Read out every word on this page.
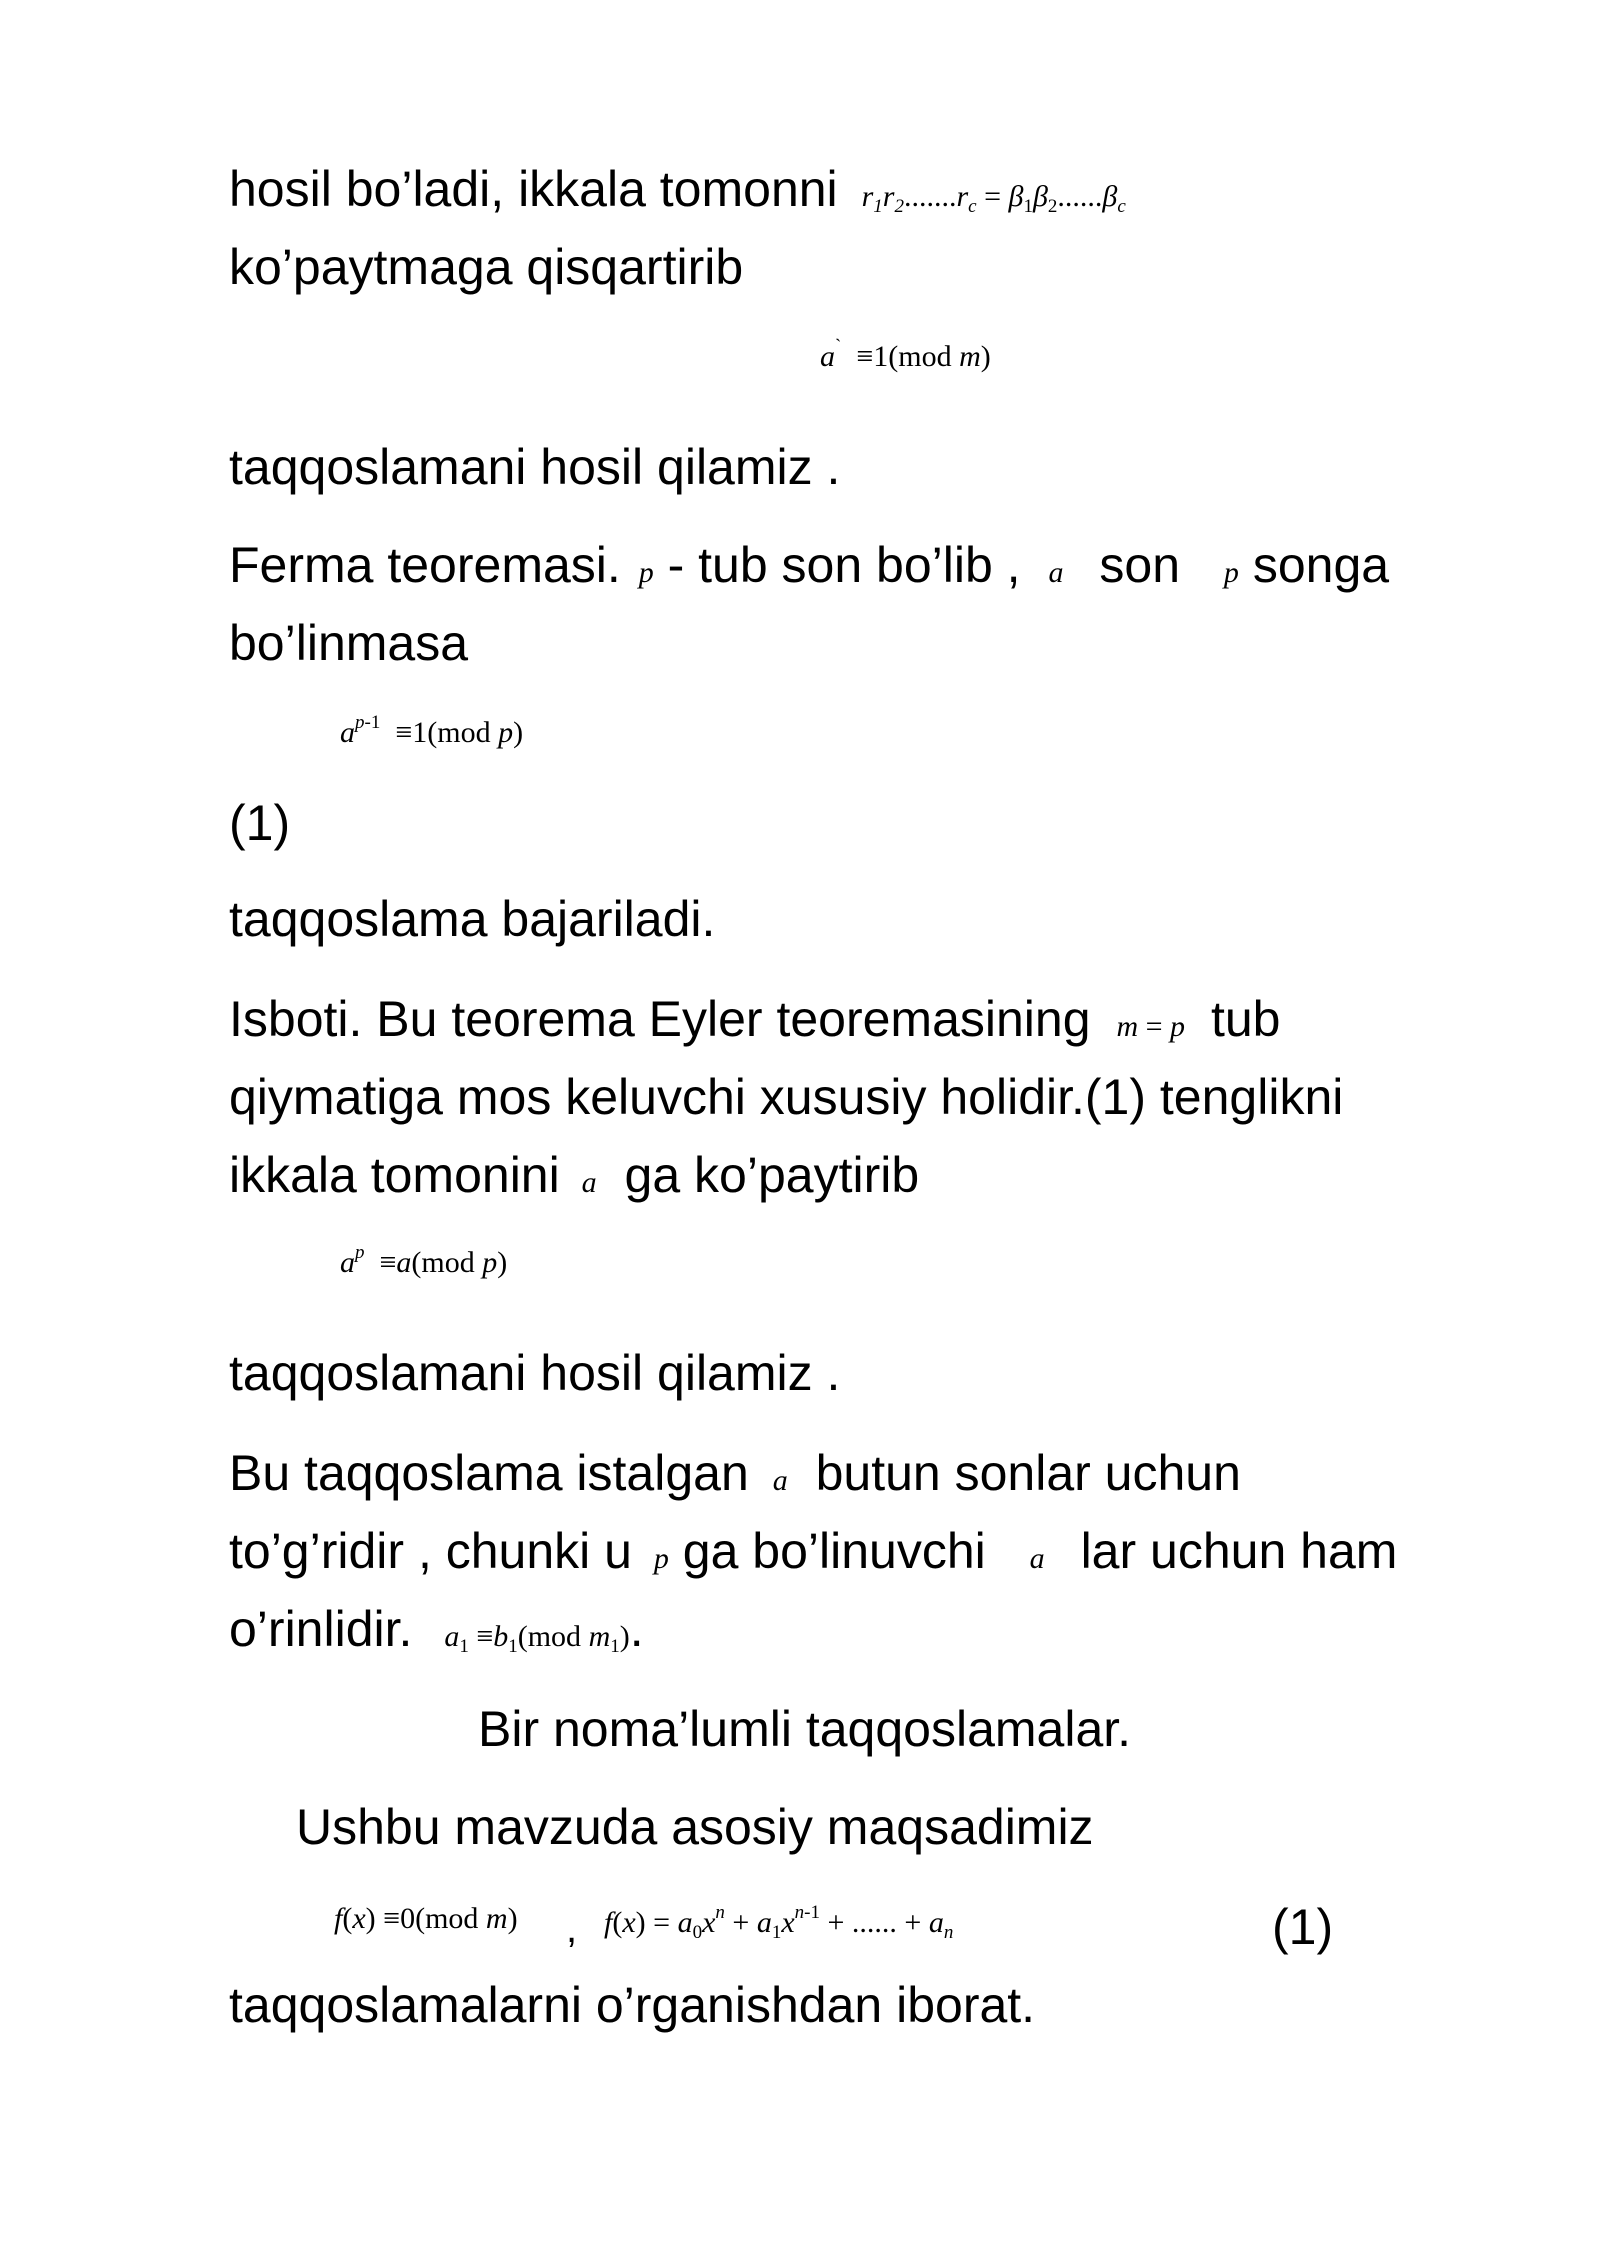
hosil bo’ladi, ikkala tomonni $r_1r_2.......r_c = \beta_1\beta_2......\beta_c$
ko’paytmaga qisqartirib
a`  ≡1(mod m)
taqqoslamani hosil qilamiz .
Ferma teoremasi. p - tub son bo’lib , a son p songa
bo’linmasa
$a^{p-1} \equiv 1(mod$ p)
(1)
taqqoslama bajariladi.
Isboti. Bu teorema Eyler teoremasining m = p tub
qiymatiga mos keluvchi xususiy holidir.(1) tenglikni
ikkala tomonini a ga ko’paytirib
$a^p \equiv a(mod$ p)
taqqoslamani hosil qilamiz .
Bu taqqoslama istalgan a butun sonlar uchun
to’g’ridir , chunki u p ga bo’linuvchi a lar uchun ham
o’rinlidir. $a_1 \equiv b_1(mod$ $m_1$).
Bir noma’lumli taqqoslamalar.
Ushbu mavzuda asosiy maqsadimiz
f(x) ≡0(mod m) , $f(x) = a_0x^n + a_1x^{n-1}$ + ...... + $a_n$	(1)
taqqoslamalarni o’rganishdan iborat.
